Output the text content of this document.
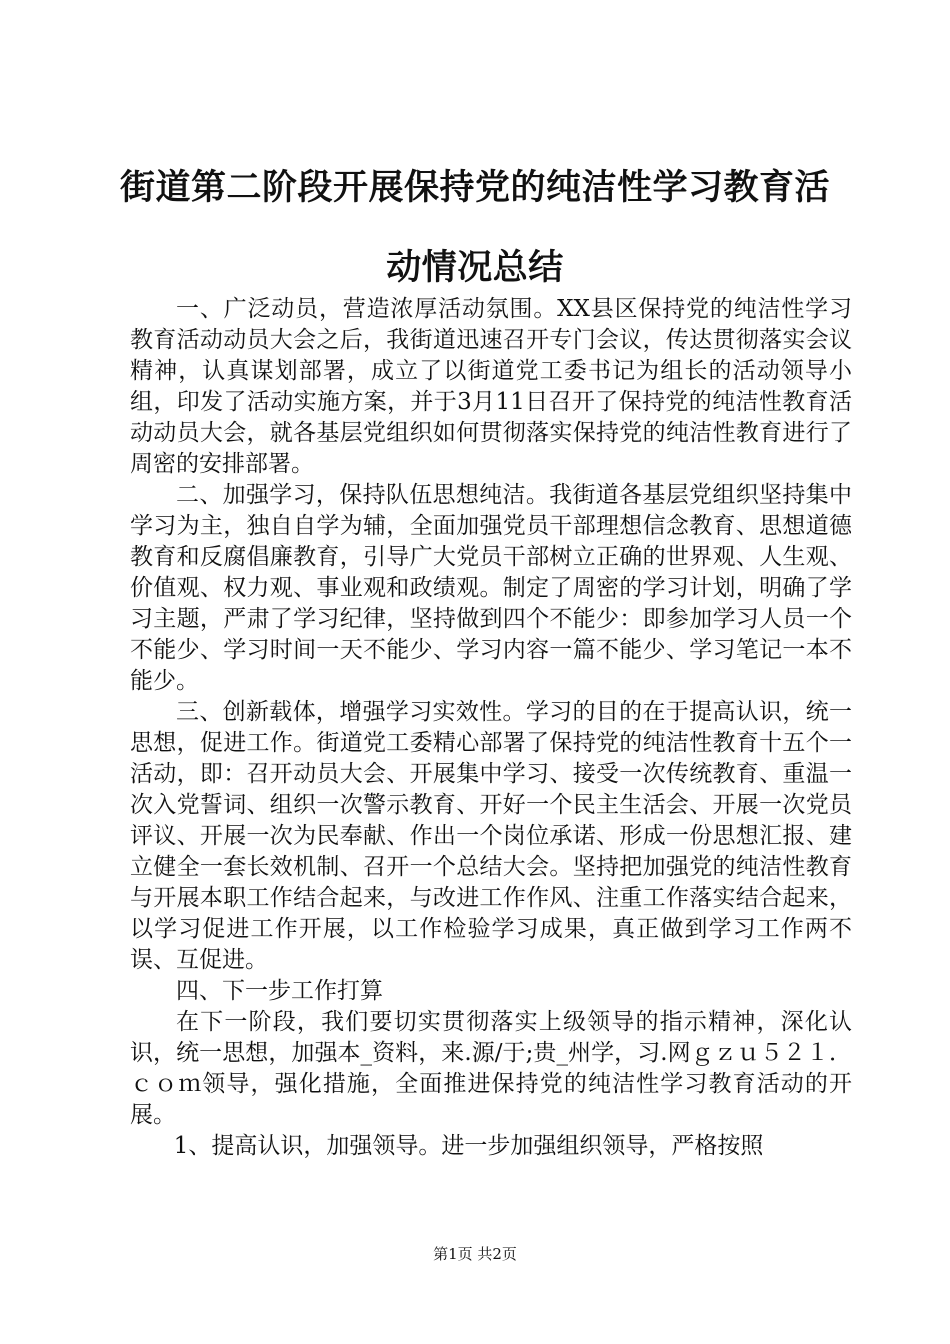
街道第二阶段开展保持党的纯洁性学习教育活
动情况总结

一、广泛动员，营造浓厚活动氛围。XX县区保持党的纯洁性学习教育活动动员大会之后，我街道迅速召开专门会议，传达贯彻落实会议精神，认真谋划部署，成立了以街道党工委书记为组长的活动领导小组，印发了活动实施方案，并于3月11日召开了保持党的纯洁性教育活动动员大会，就各基层党组织如何贯彻落实保持党的纯洁性教育进行了周密的安排部署。

二、加强学习，保持队伍思想纯洁。我街道各基层党组织坚持集中学习为主，独自自学为辅，全面加强党员干部理想信念教育、思想道德教育和反腐倡廉教育，引导广大党员干部树立正确的世界观、人生观、价值观、权力观、事业观和政绩观。制定了周密的学习计划，明确了学习主题，严肃了学习纪律，坚持做到四个不能少：即参加学习人员一个不能少、学习时间一天不能少、学习内容一篇不能少、学习笔记一本不能少。

三、创新载体，增强学习实效性。学习的目的在于提高认识，统一思想，促进工作。街道党工委精心部署了保持党的纯洁性教育十五个一活动，即：召开动员大会、开展集中学习、接受一次传统教育、重温一次入党誓词、组织一次警示教育、开好一个民主生活会、开展一次党员评议、开展一次为民奉献、作出一个岗位承诺、形成一份思想汇报、建立健全一套长效机制、召开一个总结大会。坚持把加强党的纯洁性教育与开展本职工作结合起来，与改进工作作风、注重工作落实结合起来，以学习促进工作开展，以工作检验学习成果，真正做到学习工作两不误、互促进。

四、下一步工作打算

在下一阶段，我们要切实贯彻落实上级领导的指示精神，深化认识，统一思想，加强本_资料，来.源/于;贵_州学，习.网ｇｚｕ５２１．ｃｏｍ领导，强化措施，全面推进保持党的纯洁性学习教育活动的开展。

1、提高认识，加强领导。进一步加强组织领导，严格按照

第1页 共2页
